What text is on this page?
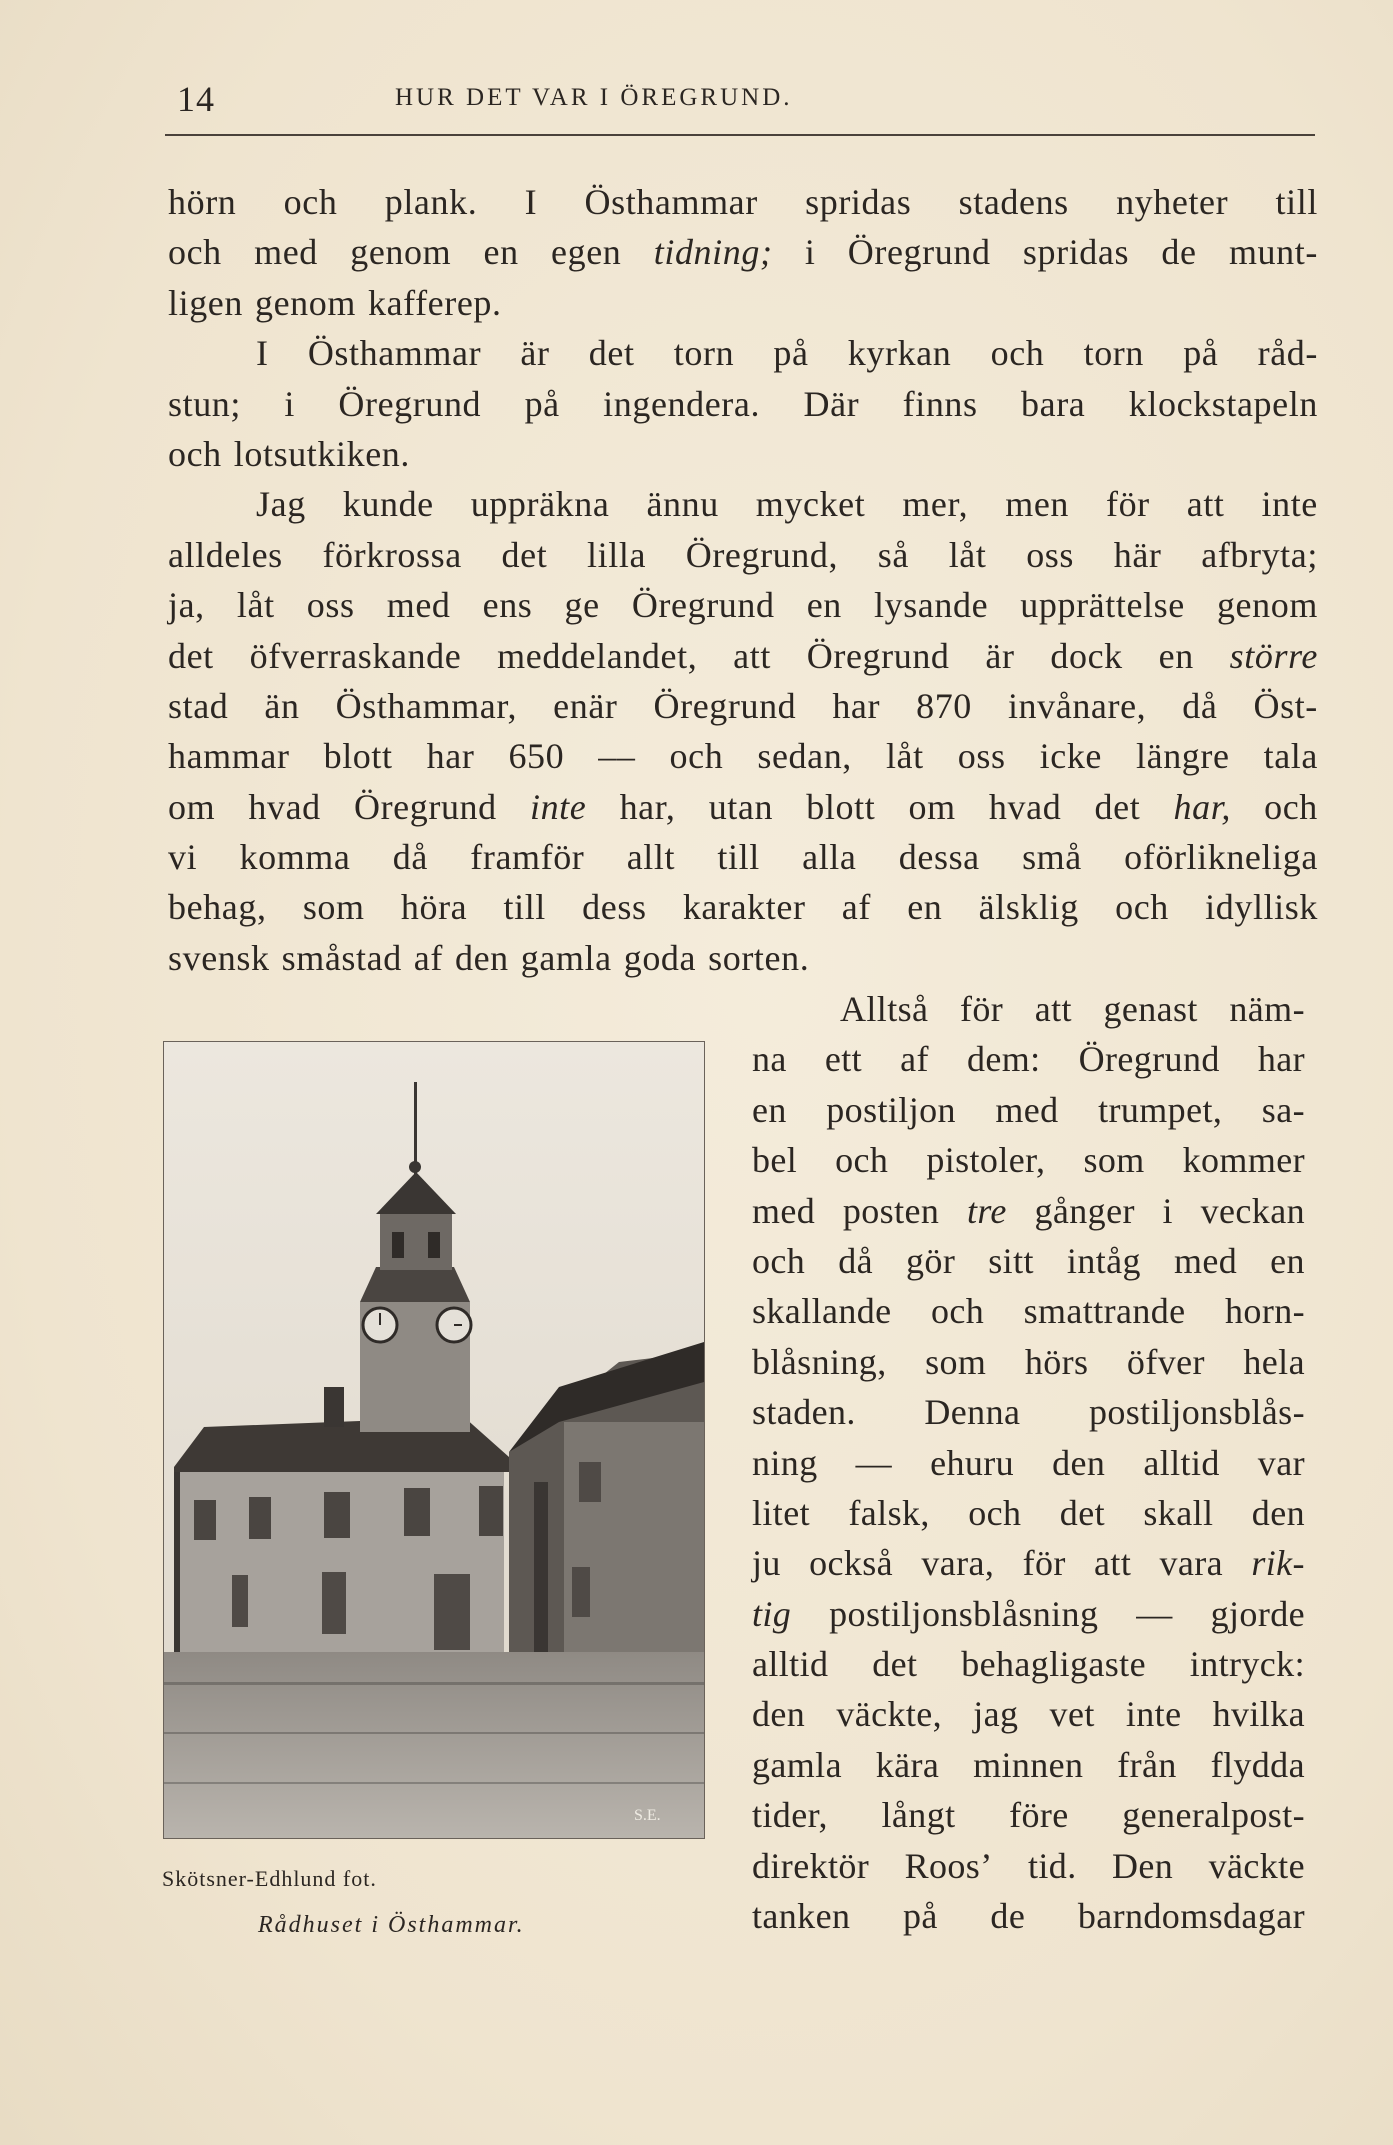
14	HUR DET VAR I ÖREGRUND.
hörn och plank. I Östhammar spridas stadens nyheter till
och med genom en egen tidning; i Öregrund spridas de munt-
ligen genom kafferep.
I Östhammar är det torn på kyrkan och torn på råd-
stun; i Öregrund på ingendera. Där finns bara klockstapeln
och lotsutkiken.
Jag kunde uppräkna ännu mycket mer, men för att inte
alldeles förkrossa det lilla Öregrund, så låt oss här afbryta;
ja, låt oss med ens ge Öregrund en lysande upprättelse genom
det öfverraskande meddelandet, att Öregrund är dock en större
stad än Östhammar, enär Öregrund har 870 invånare, då Öst-
hammar blott har 650 –– och sedan, låt oss icke längre tala
om hvad Öregrund inte har, utan blott om hvad det har, och
vi komma då framför allt till alla dessa små oförlikneliga
behag, som höra till dess karakter af en älsklig och idyllisk
svensk småstad af den gamla goda sorten.
S.E.
Alltså för att genast näm-
na ett af dem: Öregrund har
en postiljon med trumpet, sa-
bel och pistoler, som kommer
med posten tre gånger i veckan
och då gör sitt intåg med en
skallande och smattrande horn-
blåsning, som hörs öfver hela
staden. Denna postiljonsblås-
ning — ehuru den alltid var
litet falsk, och det skall den
ju också vara, för att vara rik-
tig postiljonsblåsning — gjorde
alltid det behagligaste intryck:
den väckte, jag vet inte hvilka
gamla kära minnen från flydda
tider, långt före generalpost-
direktör Roos’ tid. Den väckte
tanken på de barndomsdagar
Skötsner-Edhlund fot.
Rådhuset i Östhammar.
